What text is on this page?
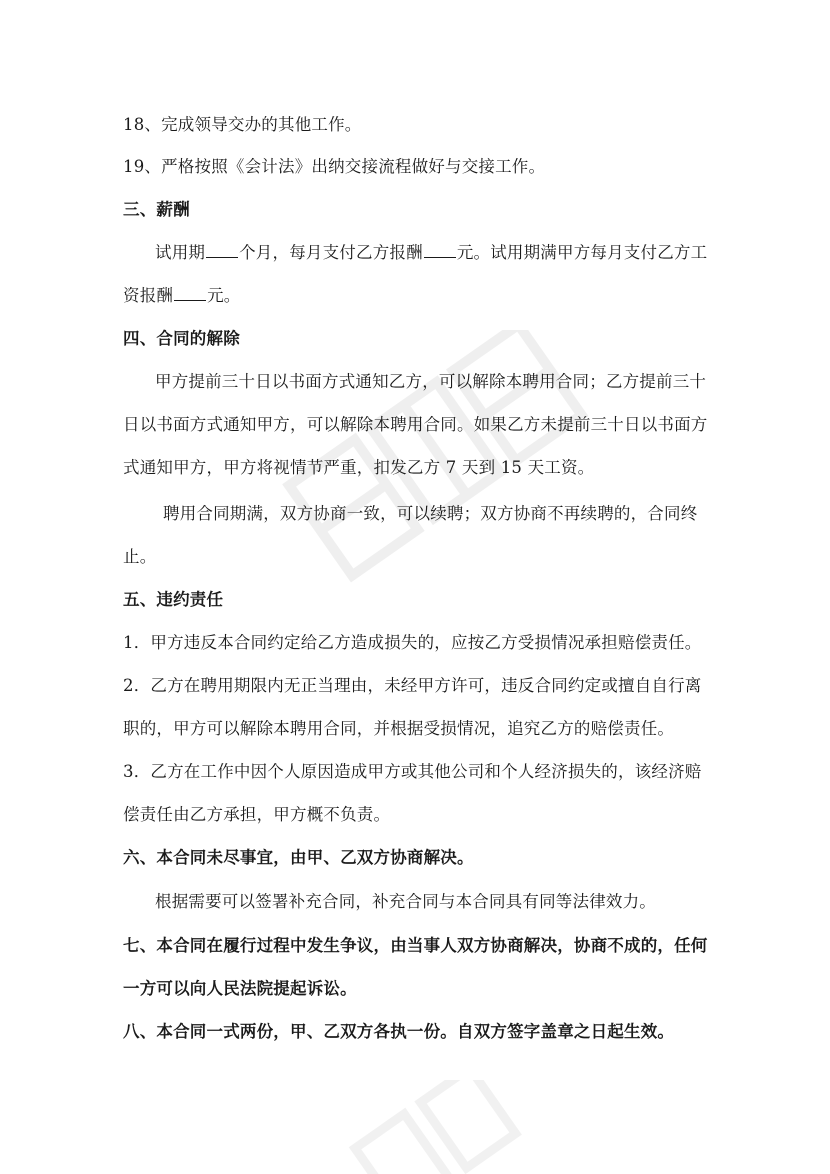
18、完成领导交办的其他工作。
19、严格按照《会计法》出纳交接流程做好与交接工作。
三、薪酬
试用期 个月，每月支付乙方报酬 元。试用期满甲方每月支付乙方工
资报酬 元。
四、合同的解除
甲方提前三十日以书面方式通知乙方，可以解除本聘用合同；乙方提前三十
日以书面方式通知甲方，可以解除本聘用合同。如果乙方未提前三十日以书面方
式通知甲方，甲方将视情节严重，扣发乙方 7 天到 15 天工资。
聘用合同期满，双方协商一致，可以续聘；双方协商不再续聘的，合同终
止。
五、违约责任
1．甲方违反本合同约定给乙方造成损失的，应按乙方受损情况承担赔偿责任。
2．乙方在聘用期限内无正当理由，未经甲方许可，违反合同约定或擅自自行离
职的，甲方可以解除本聘用合同，并根据受损情况，追究乙方的赔偿责任。
3．乙方在工作中因个人原因造成甲方或其他公司和个人经济损失的，该经济赔
偿责任由乙方承担，甲方概不负责。
六、本合同未尽事宜，由甲、乙双方协商解决。
根据需要可以签署补充合同，补充合同与本合同具有同等法律效力。
七、本合同在履行过程中发生争议，由当事人双方协商解决，协商不成的，任何
一方可以向人民法院提起诉讼。
八、本合同一式两份，甲、乙双方各执一份。自双方签字盖章之日起生效。
